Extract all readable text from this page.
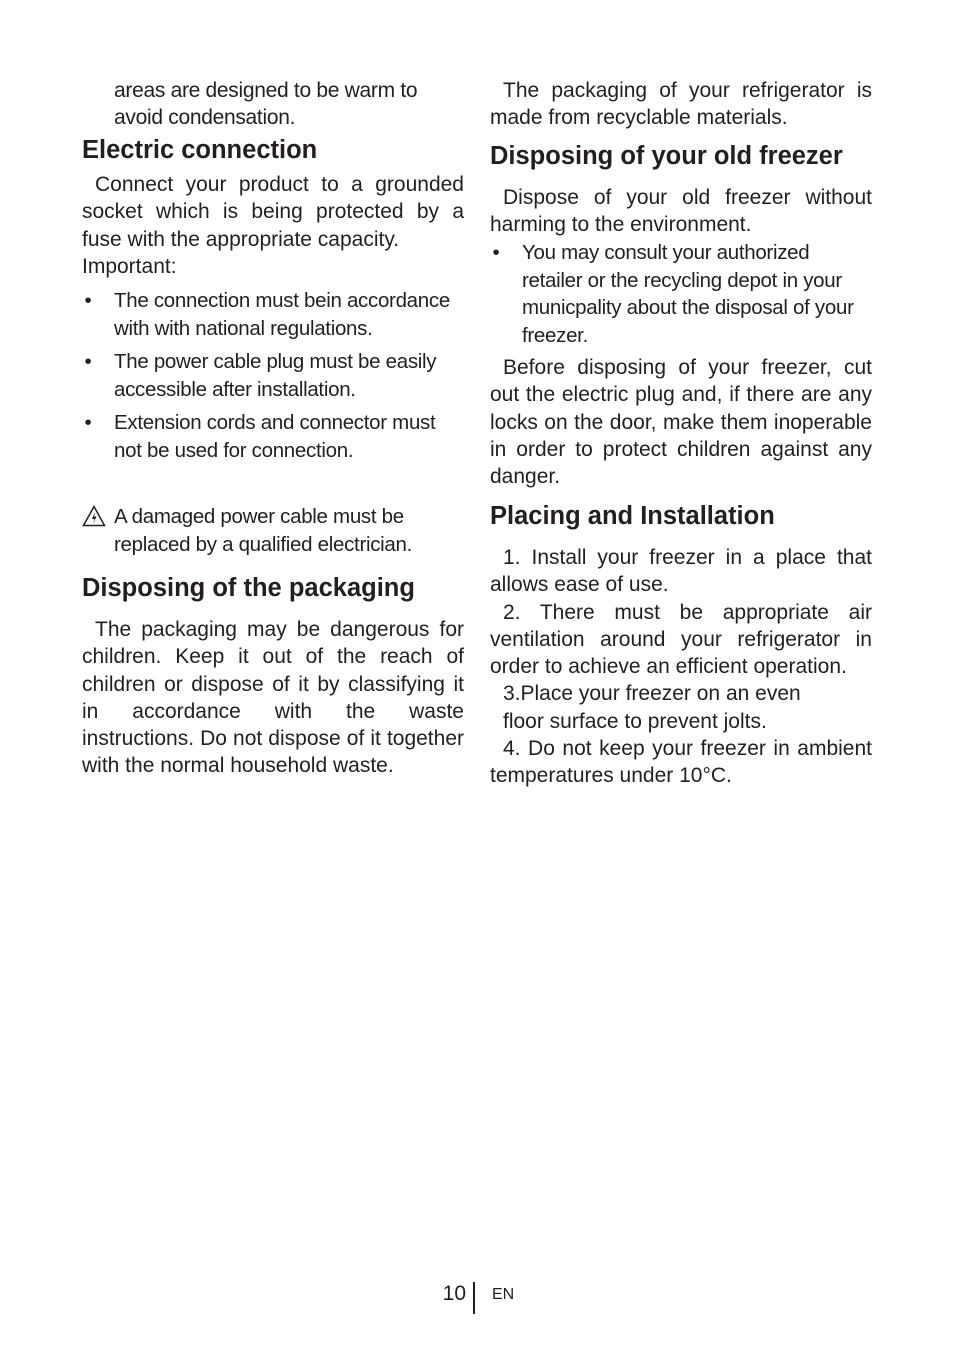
areas are designed to be warm to avoid condensation.

Electric connection

Connect your product to a grounded socket which is being protected by a fuse with the appropriate capacity.

Important:

• The connection must bein accordance with with national regulations.
• The power cable plug must be easily accessible after installation.
• Extension cords and connector must not be used for connection.
A damaged power cable must be replaced by a qualified electrician.
Disposing of the packaging

The packaging may be dangerous for children. Keep it out of the reach of children or dispose of it by classifying it in accordance with the waste instructions. Do not dispose of it together with the normal household waste.

The packaging of your refrigerator is made from recyclable materials.

Disposing of your old freezer

Dispose of your old freezer without harming to the environment.

• You may consult your authorized retailer or the recycling depot in your municpality about the disposal of your freezer.

Before disposing of your freezer, cut out the electric plug and, if there are any locks on the door, make them inoperable in order to protect children against any danger.

Placing and Installation

1. Install your freezer in a place that allows ease of use.

2. There must be appropriate air ventilation around your refrigerator in order to achieve an efficient operation.

3.Place your freezer on an even

floor surface to prevent jolts.

4. Do not keep your freezer in ambient temperatures under 10°C.

10 EN
